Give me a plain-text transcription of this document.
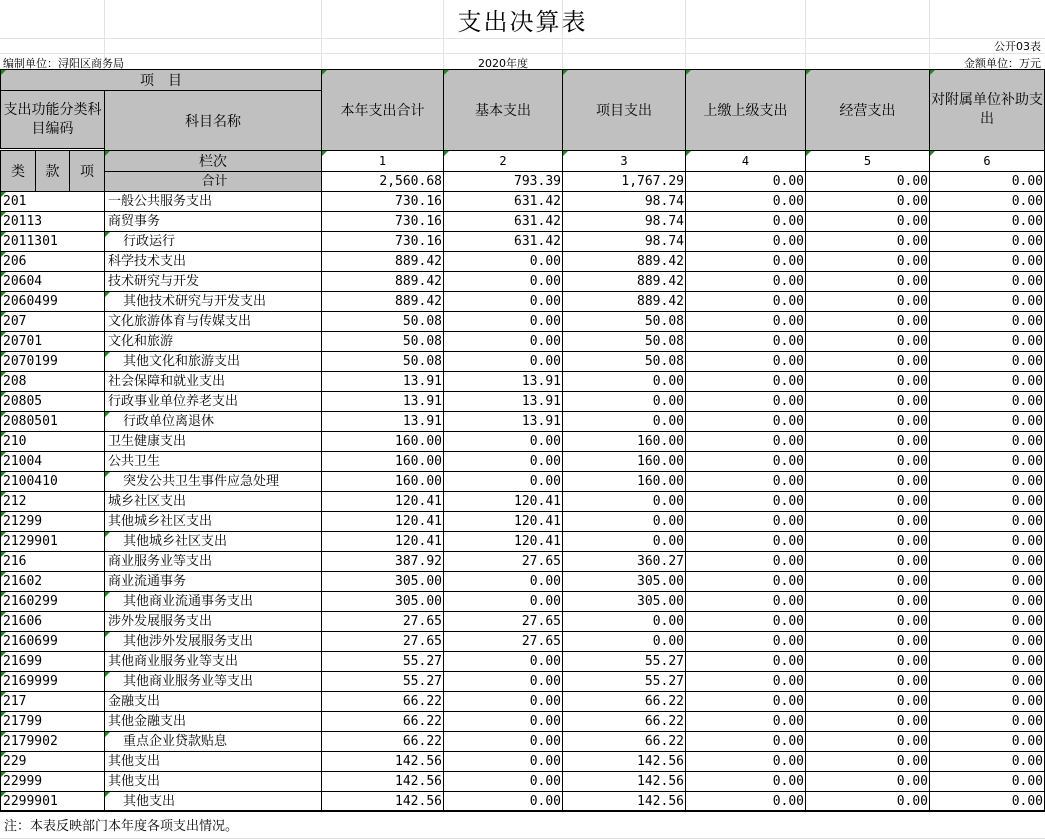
支出决算表
公开03表
编制单位：浔阳区商务局	2020年度	金额单位：万元
项　目				本年支出合计	基本支出	项目支出	上缴上级支出	经营支出	对附属单位补助支出
支出功能分类科目编码			科目名称						

类	款	项	栏次	1	2	3	4	5	6
			合计	2,560.68	793.39	1,767.29	0.00	0.00	0.00
201			一般公共服务支出	730.16	631.42	98.74	0.00	0.00	0.00
20113			商贸事务	730.16	631.42	98.74	0.00	0.00	0.00
2011301			行政运行	730.16	631.42	98.74	0.00	0.00	0.00
206			科学技术支出	889.42	0.00	889.42	0.00	0.00	0.00
20604			技术研究与开发	889.42	0.00	889.42	0.00	0.00	0.00
2060499			其他技术研究与开发支出	889.42	0.00	889.42	0.00	0.00	0.00
207			文化旅游体育与传媒支出	50.08	0.00	50.08	0.00	0.00	0.00
20701			文化和旅游	50.08	0.00	50.08	0.00	0.00	0.00
2070199			其他文化和旅游支出	50.08	0.00	50.08	0.00	0.00	0.00
208			社会保障和就业支出	13.91	13.91	0.00	0.00	0.00	0.00
20805			行政事业单位养老支出	13.91	13.91	0.00	0.00	0.00	0.00
2080501			行政单位离退休	13.91	13.91	0.00	0.00	0.00	0.00
210			卫生健康支出	160.00	0.00	160.00	0.00	0.00	0.00
21004			公共卫生	160.00	0.00	160.00	0.00	0.00	0.00
2100410			突发公共卫生事件应急处理	160.00	0.00	160.00	0.00	0.00	0.00
212			城乡社区支出	120.41	120.41	0.00	0.00	0.00	0.00
21299			其他城乡社区支出	120.41	120.41	0.00	0.00	0.00	0.00
2129901			其他城乡社区支出	120.41	120.41	0.00	0.00	0.00	0.00
216			商业服务业等支出	387.92	27.65	360.27	0.00	0.00	0.00
21602			商业流通事务	305.00	0.00	305.00	0.00	0.00	0.00
2160299			其他商业流通事务支出	305.00	0.00	305.00	0.00	0.00	0.00
21606			涉外发展服务支出	27.65	27.65	0.00	0.00	0.00	0.00
2160699			其他涉外发展服务支出	27.65	27.65	0.00	0.00	0.00	0.00
21699			其他商业服务业等支出	55.27	0.00	55.27	0.00	0.00	0.00
2169999			其他商业服务业等支出	55.27	0.00	55.27	0.00	0.00	0.00
217			金融支出	66.22	0.00	66.22	0.00	0.00	0.00
21799			其他金融支出	66.22	0.00	66.22	0.00	0.00	0.00
2179902			重点企业贷款贴息	66.22	0.00	66.22	0.00	0.00	0.00
229			其他支出	142.56	0.00	142.56	0.00	0.00	0.00
22999			其他支出	142.56	0.00	142.56	0.00	0.00	0.00
2299901			其他支出	142.56	0.00	142.56	0.00	0.00	0.00
注：本表反映部门本年度各项支出情况。
